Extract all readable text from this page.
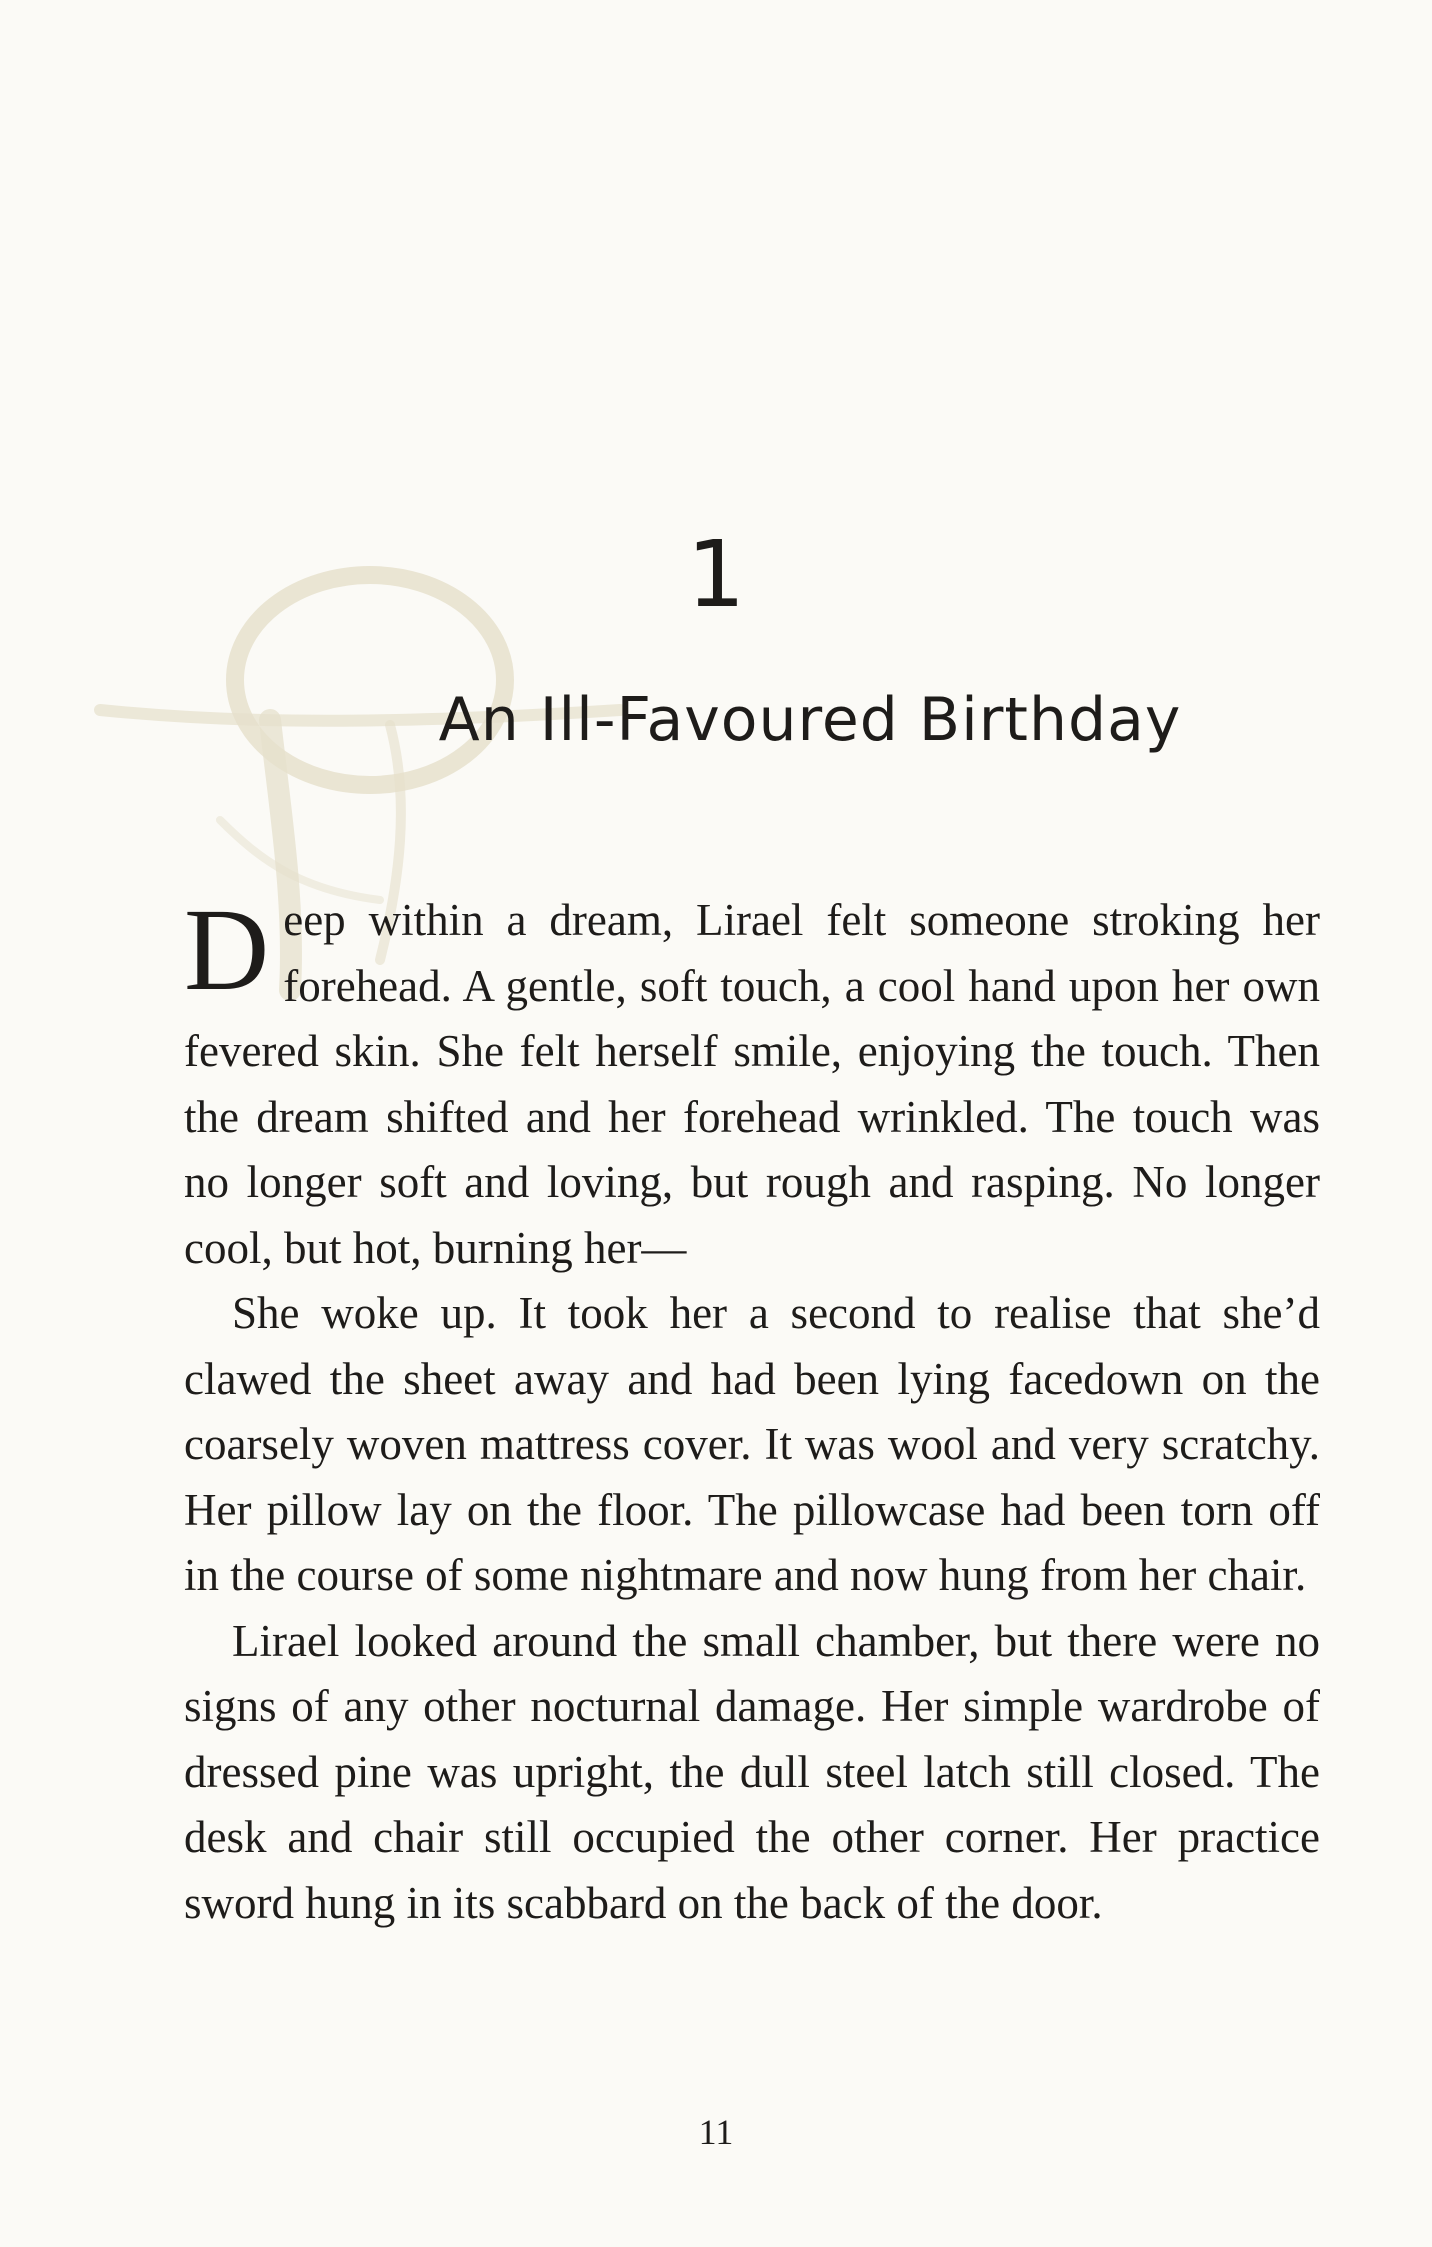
1
An Ill-Favoured Birthday

Deep within a dream, Lirael felt someone stroking her forehead. A gentle, soft touch, a cool hand upon her own fevered skin. She felt herself smile, enjoying the touch. Then the dream shifted and her forehead wrinkled. The touch was no longer soft and loving, but rough and rasping. No longer cool, but hot, burning her—

She woke up. It took her a second to realise that she’d clawed the sheet away and had been lying facedown on the coarsely woven mattress cover. It was wool and very scratchy. Her pillow lay on the floor. The pillowcase had been torn off in the course of some nightmare and now hung from her chair.

Lirael looked around the small chamber, but there were no signs of any other nocturnal damage. Her simple wardrobe of dressed pine was upright, the dull steel latch still closed. The desk and chair still occupied the other corner. Her practice sword hung in its scabbard on the back of the door.

11
